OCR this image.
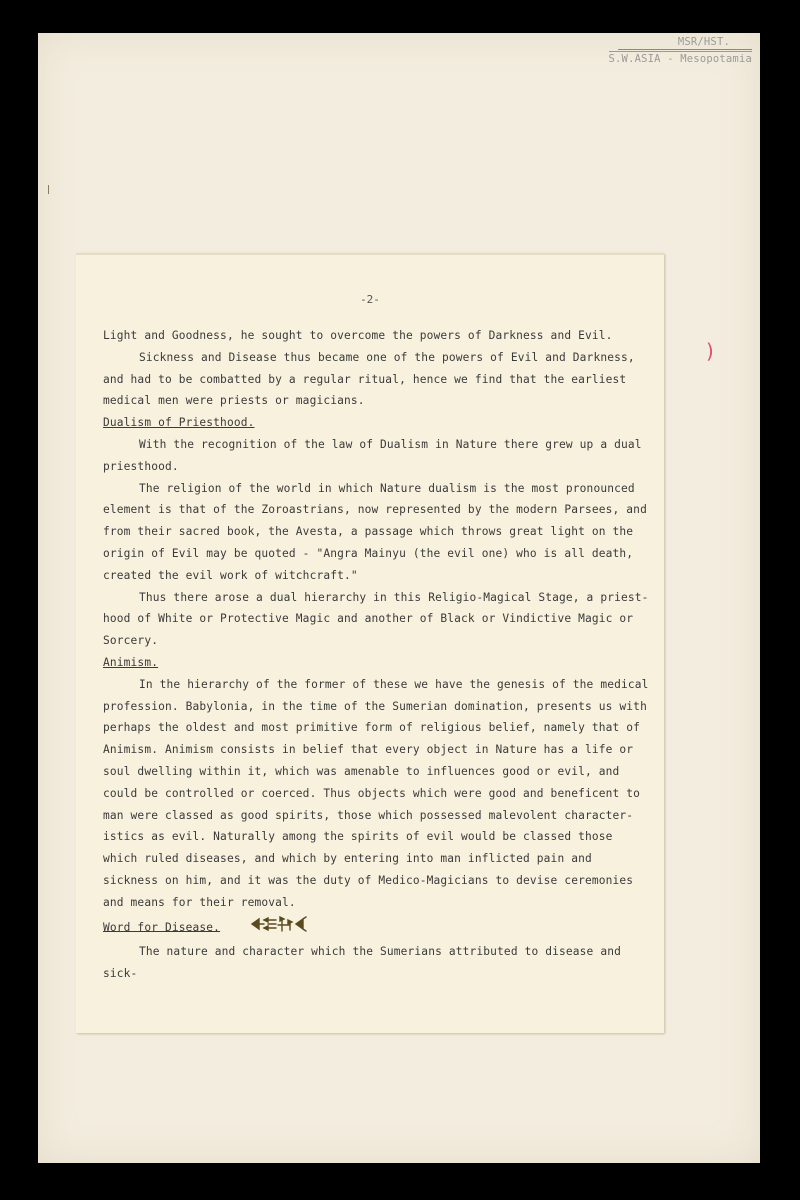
MSR/HST.
S.W.ASIA - Mesopotamia
)
-2-

Light and Goodness, he sought to overcome the powers of Darkness and Evil.

Sickness and Disease thus became one of the powers of Evil and Darkness, and had to be combatted by a regular ritual, hence we find that the earliest medical men were priests or magicians.

Dualism of Priesthood.

With the recognition of the law of Dualism in Nature there grew up a dual priesthood.

The religion of the world in which Nature dualism is the most pronounced element is that of the Zoroastrians, now represented by the modern Parsees, and from their sacred book, the Avesta, a passage which throws great light on the origin of Evil may be quoted - "Angra Mainyu (the evil one) who is all death, created the evil work of witchcraft."

Thus there arose a dual hierarchy in this Religio-Magical Stage, a priest-hood of White or Protective Magic and another of Black or Vindictive Magic or Sorcery.

Animism.

In the hierarchy of the former of these we have the genesis of the medical profession. Babylonia, in the time of the Sumerian domination, presents us with perhaps the oldest and most primitive form of religious belief, namely that of Animism. Animism consists in belief that every object in Nature has a life or soul dwelling within it, which was amenable to influences good or evil, and could be controlled or coerced. Thus objects which were good and beneficent to man were classed as good spirits, those which possessed malevolent character-istics as evil. Naturally among the spirits of evil would be classed those which ruled diseases, and which by entering into man inflicted pain and sickness on him, and it was the duty of Medico-Magicians to devise ceremonies and means for their removal.

Word for Disease.

The nature and character which the Sumerians attributed to disease and sick-
